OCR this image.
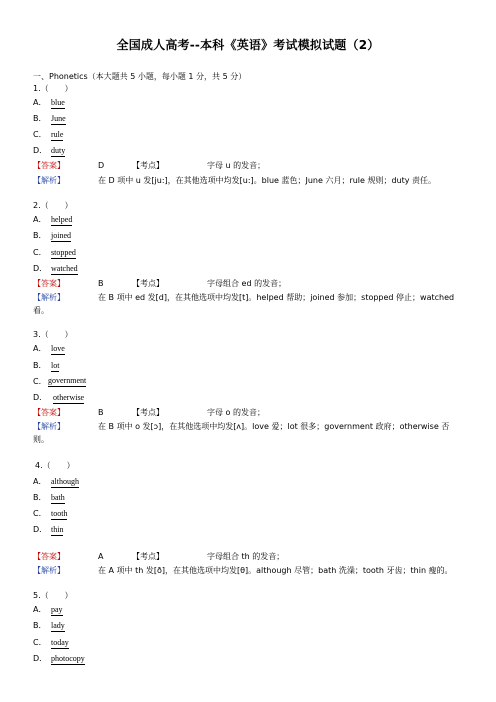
全国成人高考--本科《英语》考试模拟试题（2）
一、Phonetics（本大题共 5 小题，每小题 1 分，共 5 分）
1.（　　）
A． blue
B． June
C． rule
D． duty
【答案】	D	【考点】	字母 u 的发音；
【解析】	在 D 项中 u 发[ju:]，在其他选项中均发[u:]。blue 蓝色；June 六月；rule 规则；duty 责任。
2.（　　）
A． helped
B． joined
C． stopped
D． watched
【答案】	B	【考点】	字母组合 ed 的发音；
【解析】	在 B 项中 ed 发[d]，在其他选项中均发[t]。helped 帮助；joined 参加；stopped 停止；watched
看。
3.（　　）
A． love
B． lot
C． government
D． otherwise
【答案】	B	【考点】	字母 o 的发音；
【解析】	在 B 项中 o 发[ɔ]，在其他选项中均发[ʌ]。love 爱；lot 很多；government 政府；otherwise 否
则。
4.（　　）
A． although
B． bath
C． tooth
D． thin
【答案】	A	【考点】	字母组合 th 的发音；
【解析】	在 A 项中 th 发[ð]，在其他选项中均发[θ]。although 尽管；bath 洗澡；tooth 牙齿；thin 瘦的。
5.（　　）
A． pay
B． lady
C． today
D． photocopy
